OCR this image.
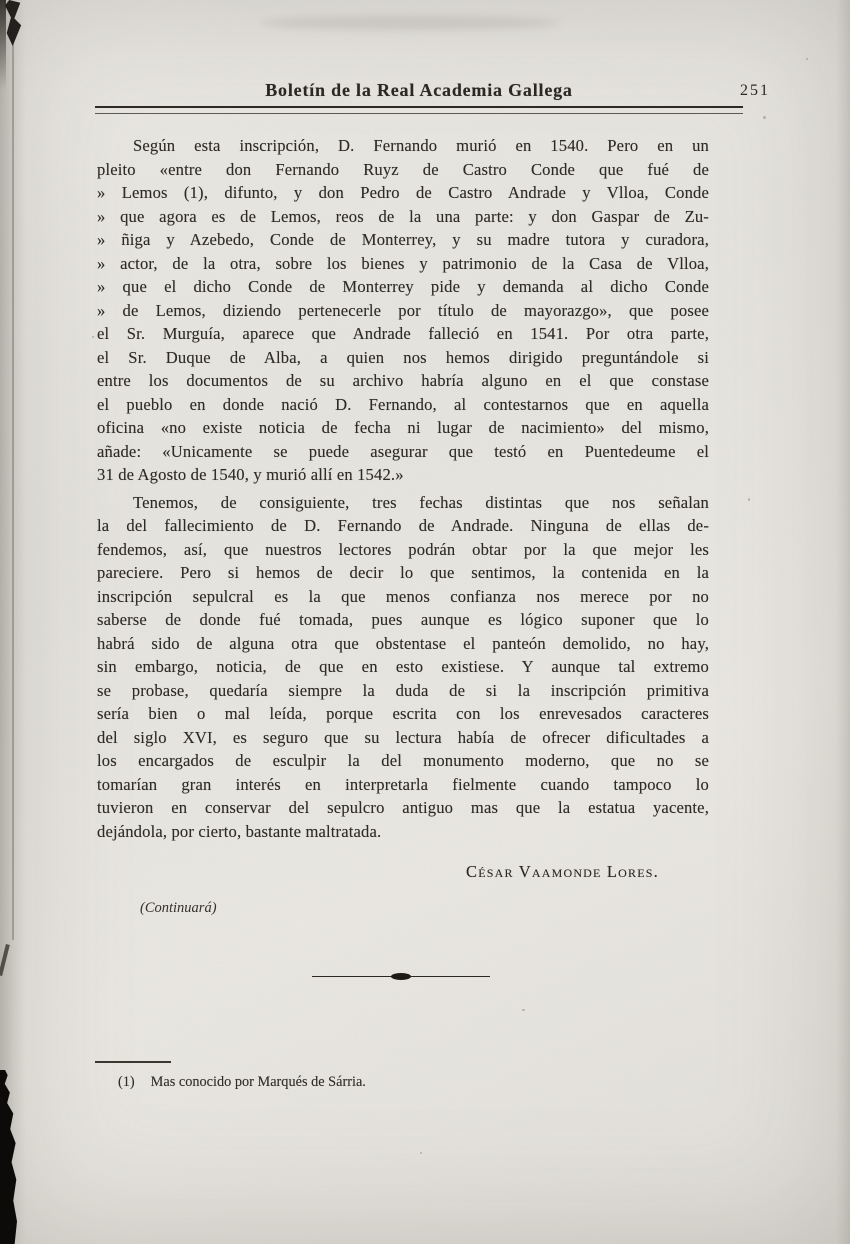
Boletín de la Real Academia Gallega	251
Según esta inscripción, D. Fernando murió en 1540. Pero en un
pleito «entre don Fernando Ruyz de Castro Conde que fué de
» Lemos (1), difunto, y don Pedro de Castro Andrade y Vlloa, Conde
» que agora es de Lemos, reos de la una parte: y don Gaspar de Zu-
» ñiga y Azebedo, Conde de Monterrey, y su madre tutora y curadora,
» actor, de la otra, sobre los bienes y patrimonio de la Casa de Vlloa,
» que el dicho Conde de Monterrey pide y demanda al dicho Conde
» de Lemos, diziendo pertenecerle por título de mayorazgo», que posee
el Sr. Murguía, aparece que Andrade falleció en 1541. Por otra parte,
el Sr. Duque de Alba, a quien nos hemos dirigido preguntándole si
entre los documentos de su archivo habría alguno en el que constase
el pueblo en donde nació D. Fernando, al contestarnos que en aquella
oficina «no existe noticia de fecha ni lugar de nacimiento» del mismo,
añade: «Unicamente se puede asegurar que testó en Puentedeume el
31 de Agosto de 1540, y murió allí en 1542.»
Tenemos, de consiguiente, tres fechas distintas que nos señalan
la del fallecimiento de D. Fernando de Andrade. Ninguna de ellas de-
fendemos, así, que nuestros lectores podrán obtar por la que mejor les
pareciere. Pero si hemos de decir lo que sentimos, la contenida en la
inscripción sepulcral es la que menos confianza nos merece por no
saberse de donde fué tomada, pues aunque es lógico suponer que lo
habrá sido de alguna otra que obstentase el panteón demolido, no hay,
sin embargo, noticia, de que en esto existiese. Y aunque tal extremo
se probase, quedaría siempre la duda de si la inscripción primitiva
sería bien o mal leída, porque escrita con los enrevesados caracteres
del siglo XVI, es seguro que su lectura había de ofrecer dificultades a
los encargados de esculpir la del monumento moderno, que no se
tomarían gran interés en interpretarla fielmente cuando tampoco lo
tuvieron en conservar del sepulcro antiguo mas que la estatua yacente,
dejándola, por cierto, bastante maltratada.
César Vaamonde Lores.
(Continuará)
(1) Mas conocido por Marqués de Sárria.
